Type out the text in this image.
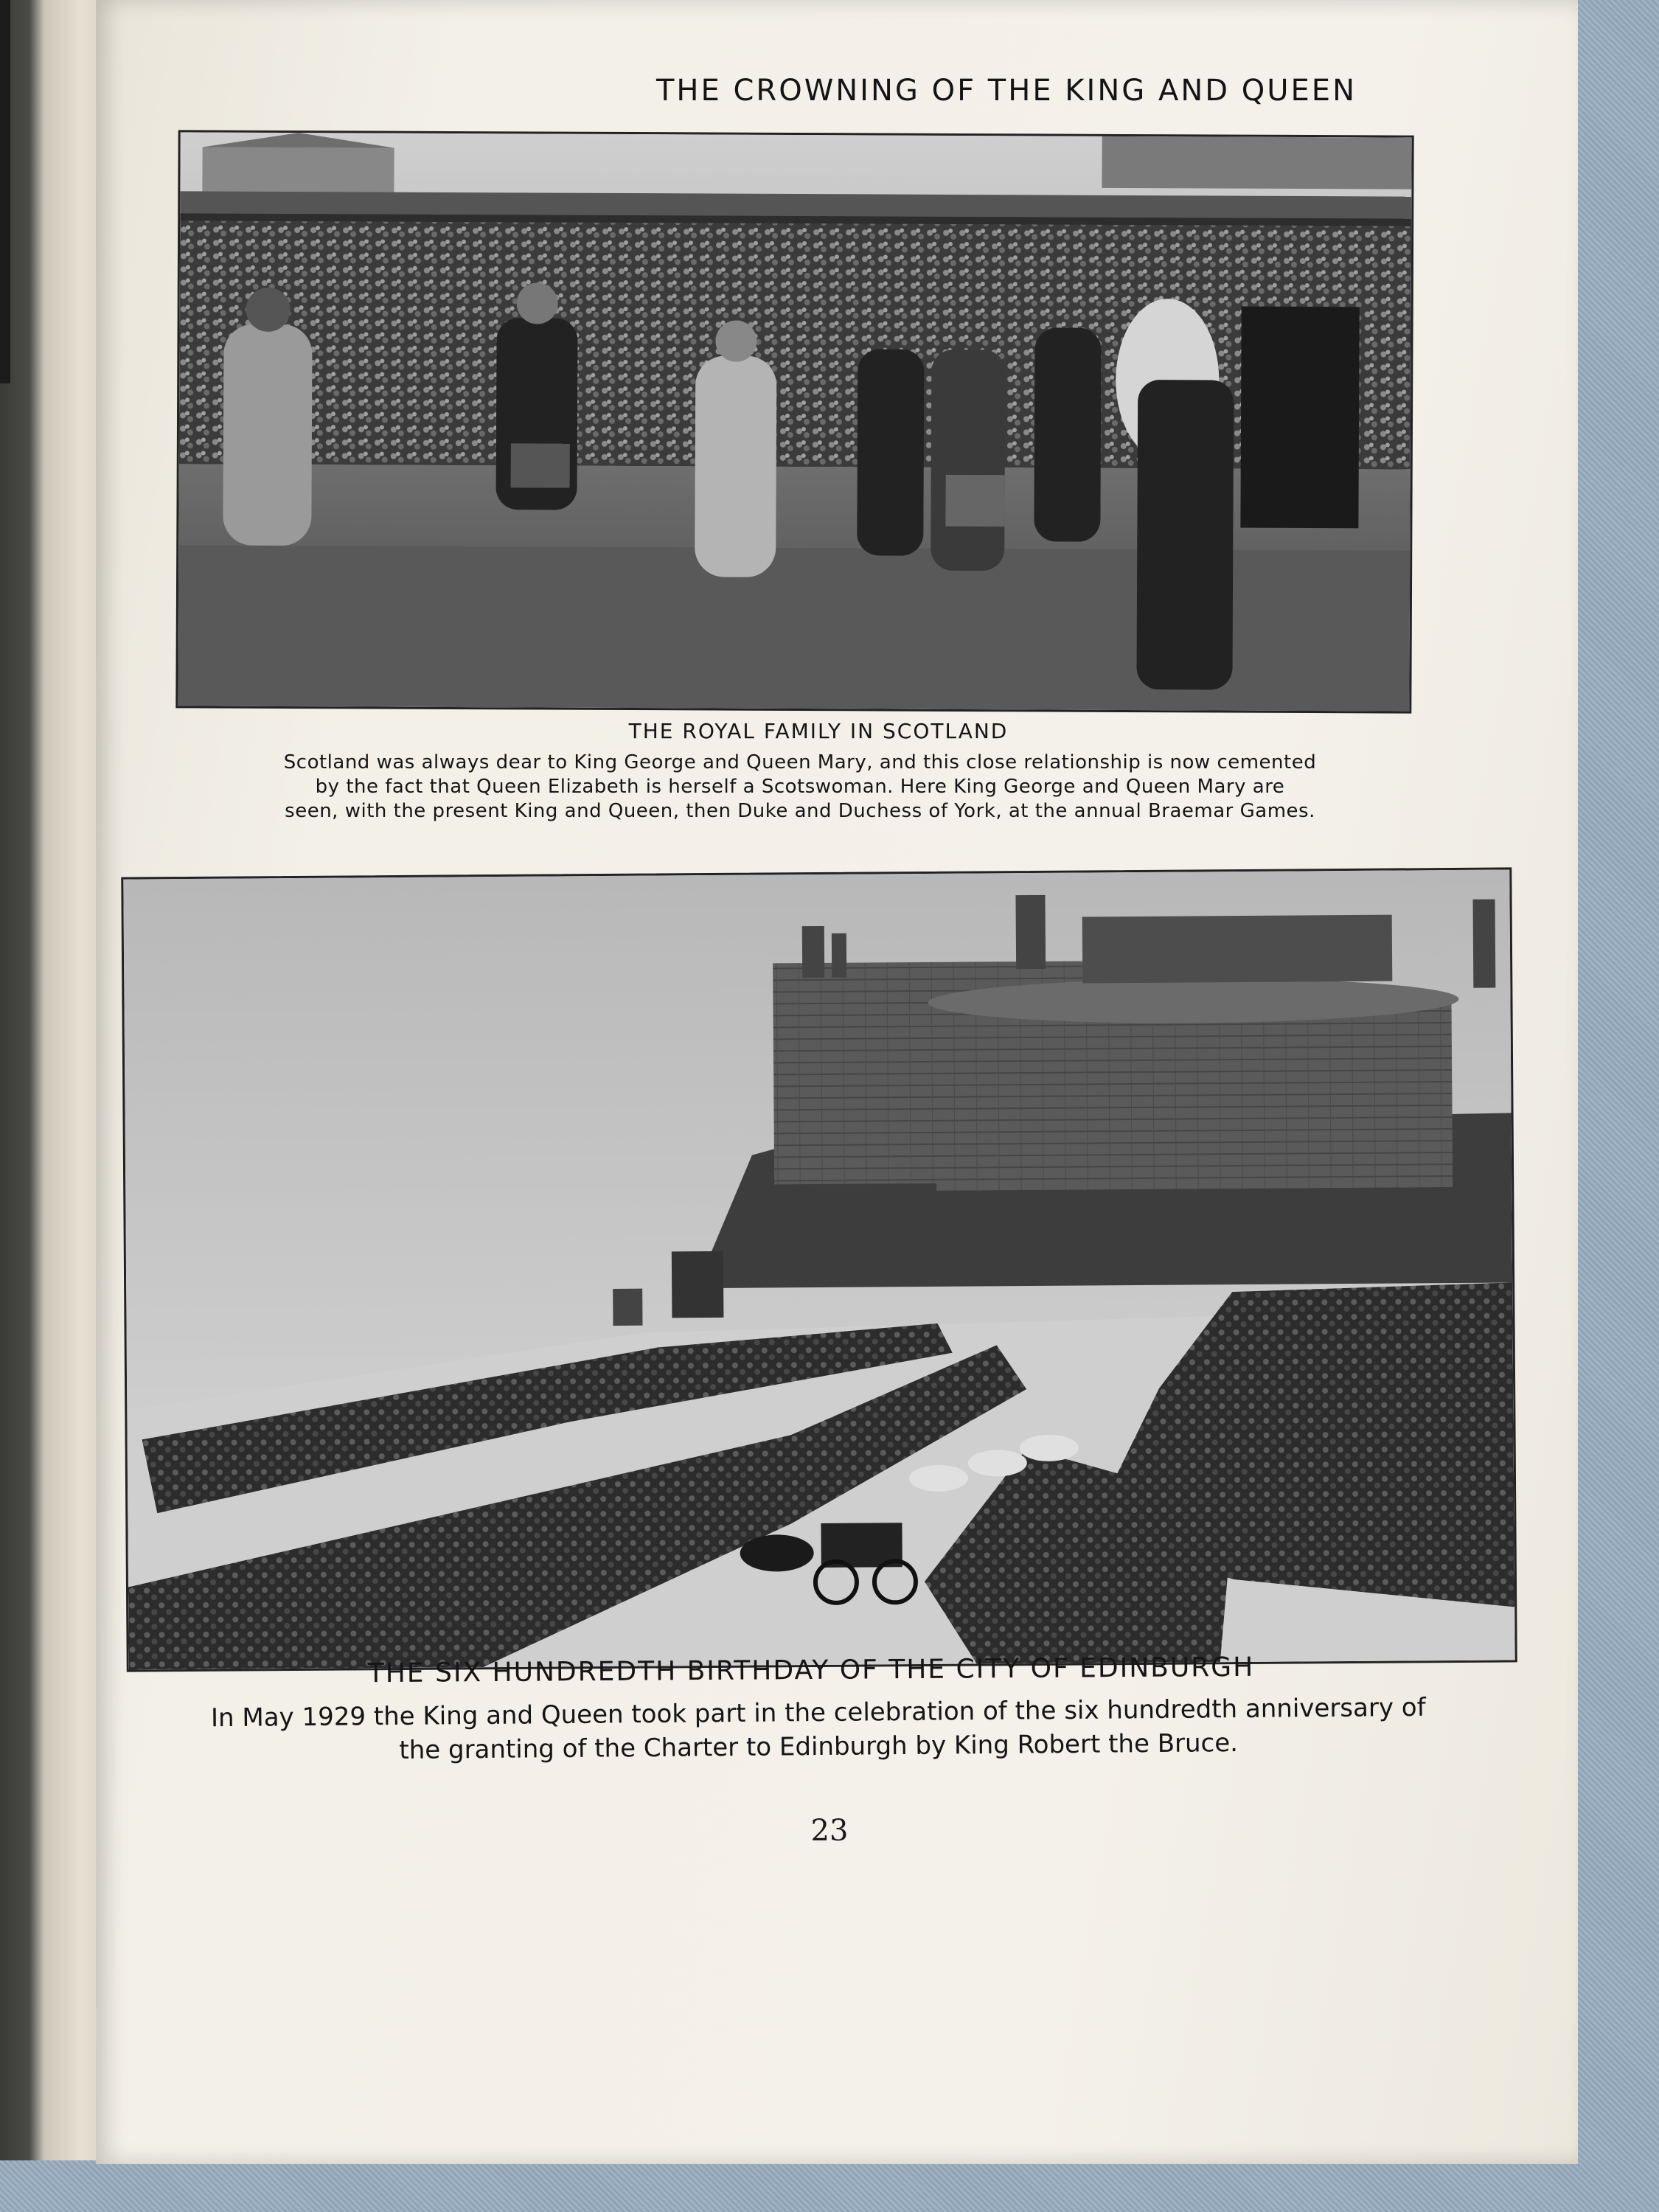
THE CROWNING OF THE KING AND QUEEN
THE ROYAL FAMILY IN SCOTLAND
Scotland was always dear to King George and Queen Mary, and this close relationship is now cemented
by the fact that Queen Elizabeth is herself a Scotswoman. Here King George and Queen Mary are
seen, with the present King and Queen, then Duke and Duchess of York, at the annual Braemar Games.
THE SIX HUNDREDTH BIRTHDAY OF THE CITY OF EDINBURGH
In May 1929 the King and Queen took part in the celebration of the six hundredth anniversary of
the granting of the Charter to Edinburgh by King Robert the Bruce.
23
